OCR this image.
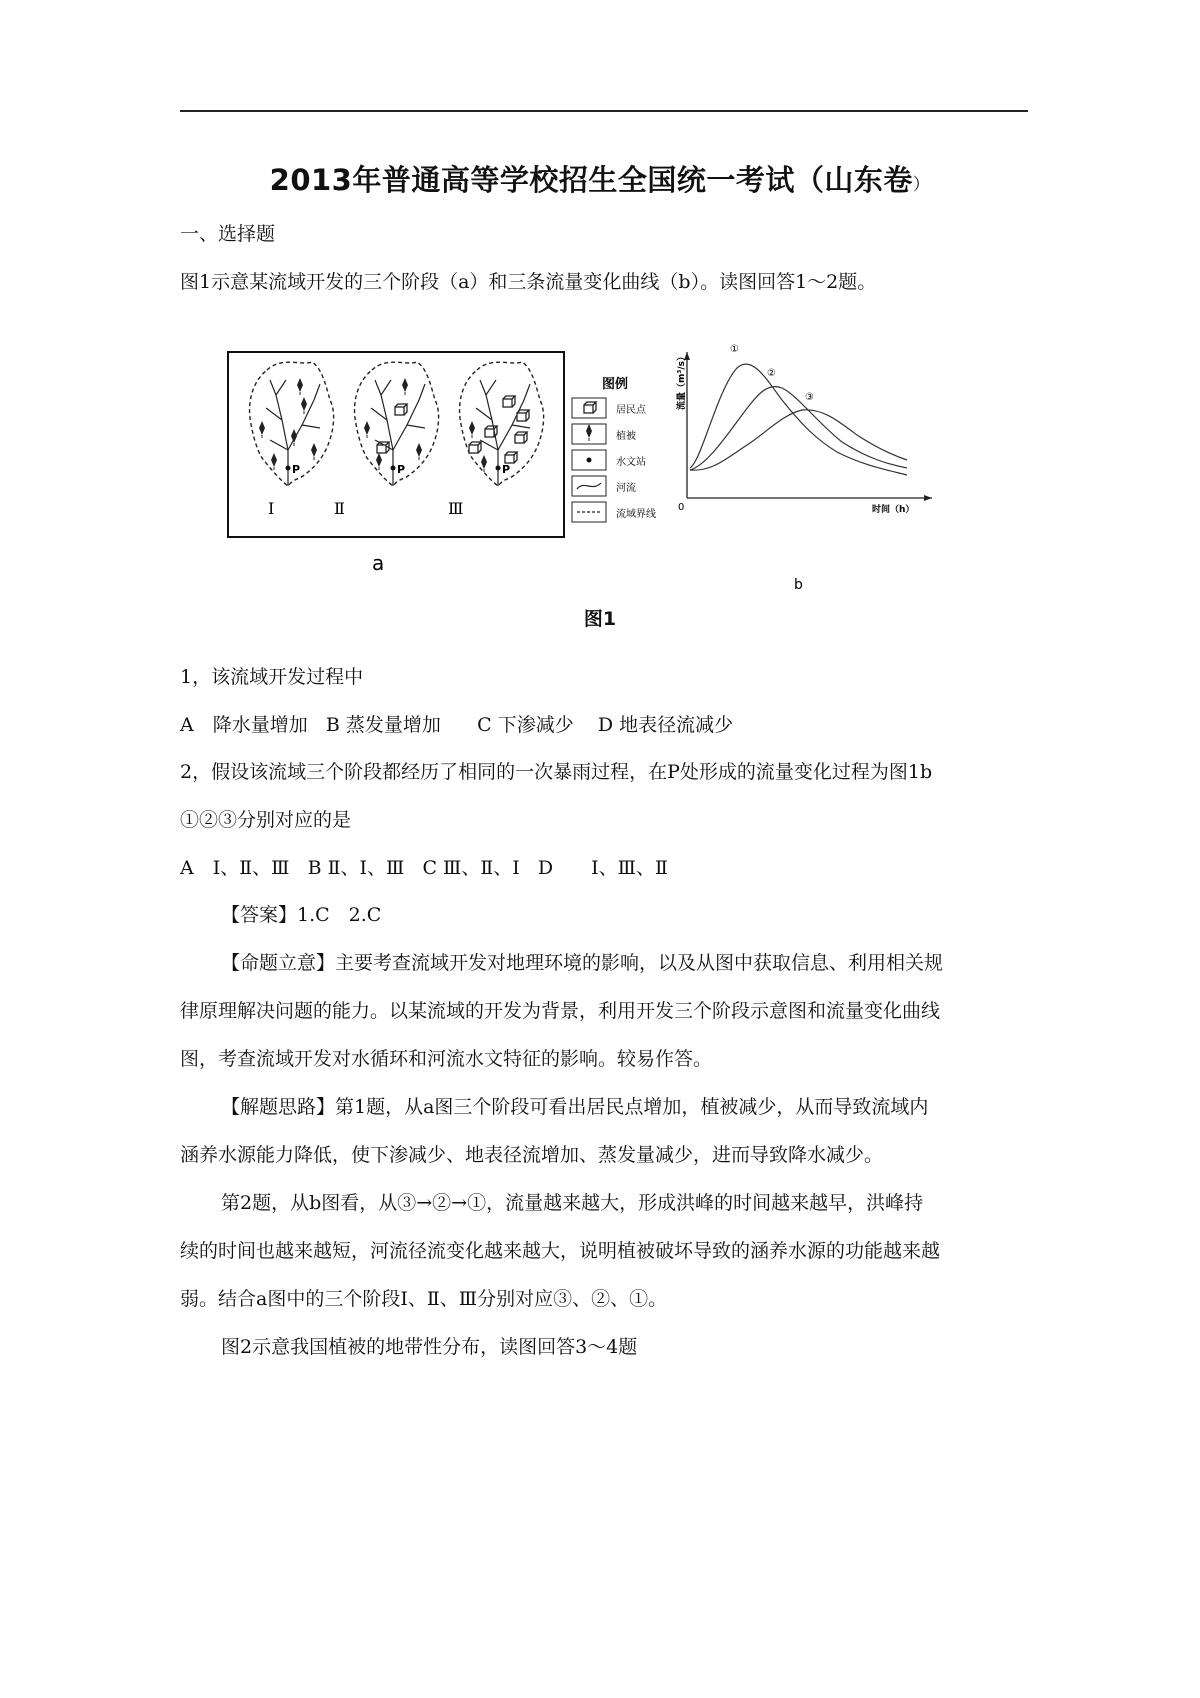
2013年普通高等学校招生全国统一考试（山东卷）
一、选择题
图1示意某流域开发的三个阶段（a）和三条流量变化曲线（b）。读图回答1～2题。
Ⅰ	Ⅱ	Ⅲ
P	P	P
图例
居民点
植被
水文站
河流
流域界线
流量（m³/s）
时间（h）
0
①
②
③
a
b
图1
1，该流域开发过程中
A　降水量增加 B 蒸发量增加 C 下渗减少 D 地表径流减少
2，假设该流域三个阶段都经历了相同的一次暴雨过程，在P处形成的流量变化过程为图1b
①②③分别对应的是
A　Ⅰ、Ⅱ、Ⅲ B Ⅱ、Ⅰ、Ⅲ C Ⅲ、Ⅱ、Ⅰ D　　Ⅰ、Ⅲ、Ⅱ
【答案】1.C　2.C
【命题立意】主要考查流域开发对地理环境的影响，以及从图中获取信息、利用相关规
律原理解决问题的能力。以某流域的开发为背景，利用开发三个阶段示意图和流量变化曲线
图，考查流域开发对水循环和河流水文特征的影响。较易作答。
【解题思路】第1题，从a图三个阶段可看出居民点增加，植被减少，从而导致流域内
涵养水源能力降低，使下渗减少、地表径流增加、蒸发量减少，进而导致降水减少。
第2题，从b图看，从③→②→①，流量越来越大，形成洪峰的时间越来越早，洪峰持
续的时间也越来越短，河流径流变化越来越大，说明植被破坏导致的涵养水源的功能越来越
弱。结合a图中的三个阶段Ⅰ、Ⅱ、Ⅲ分别对应③、②、①。
图2示意我国植被的地带性分布，读图回答3～4题
